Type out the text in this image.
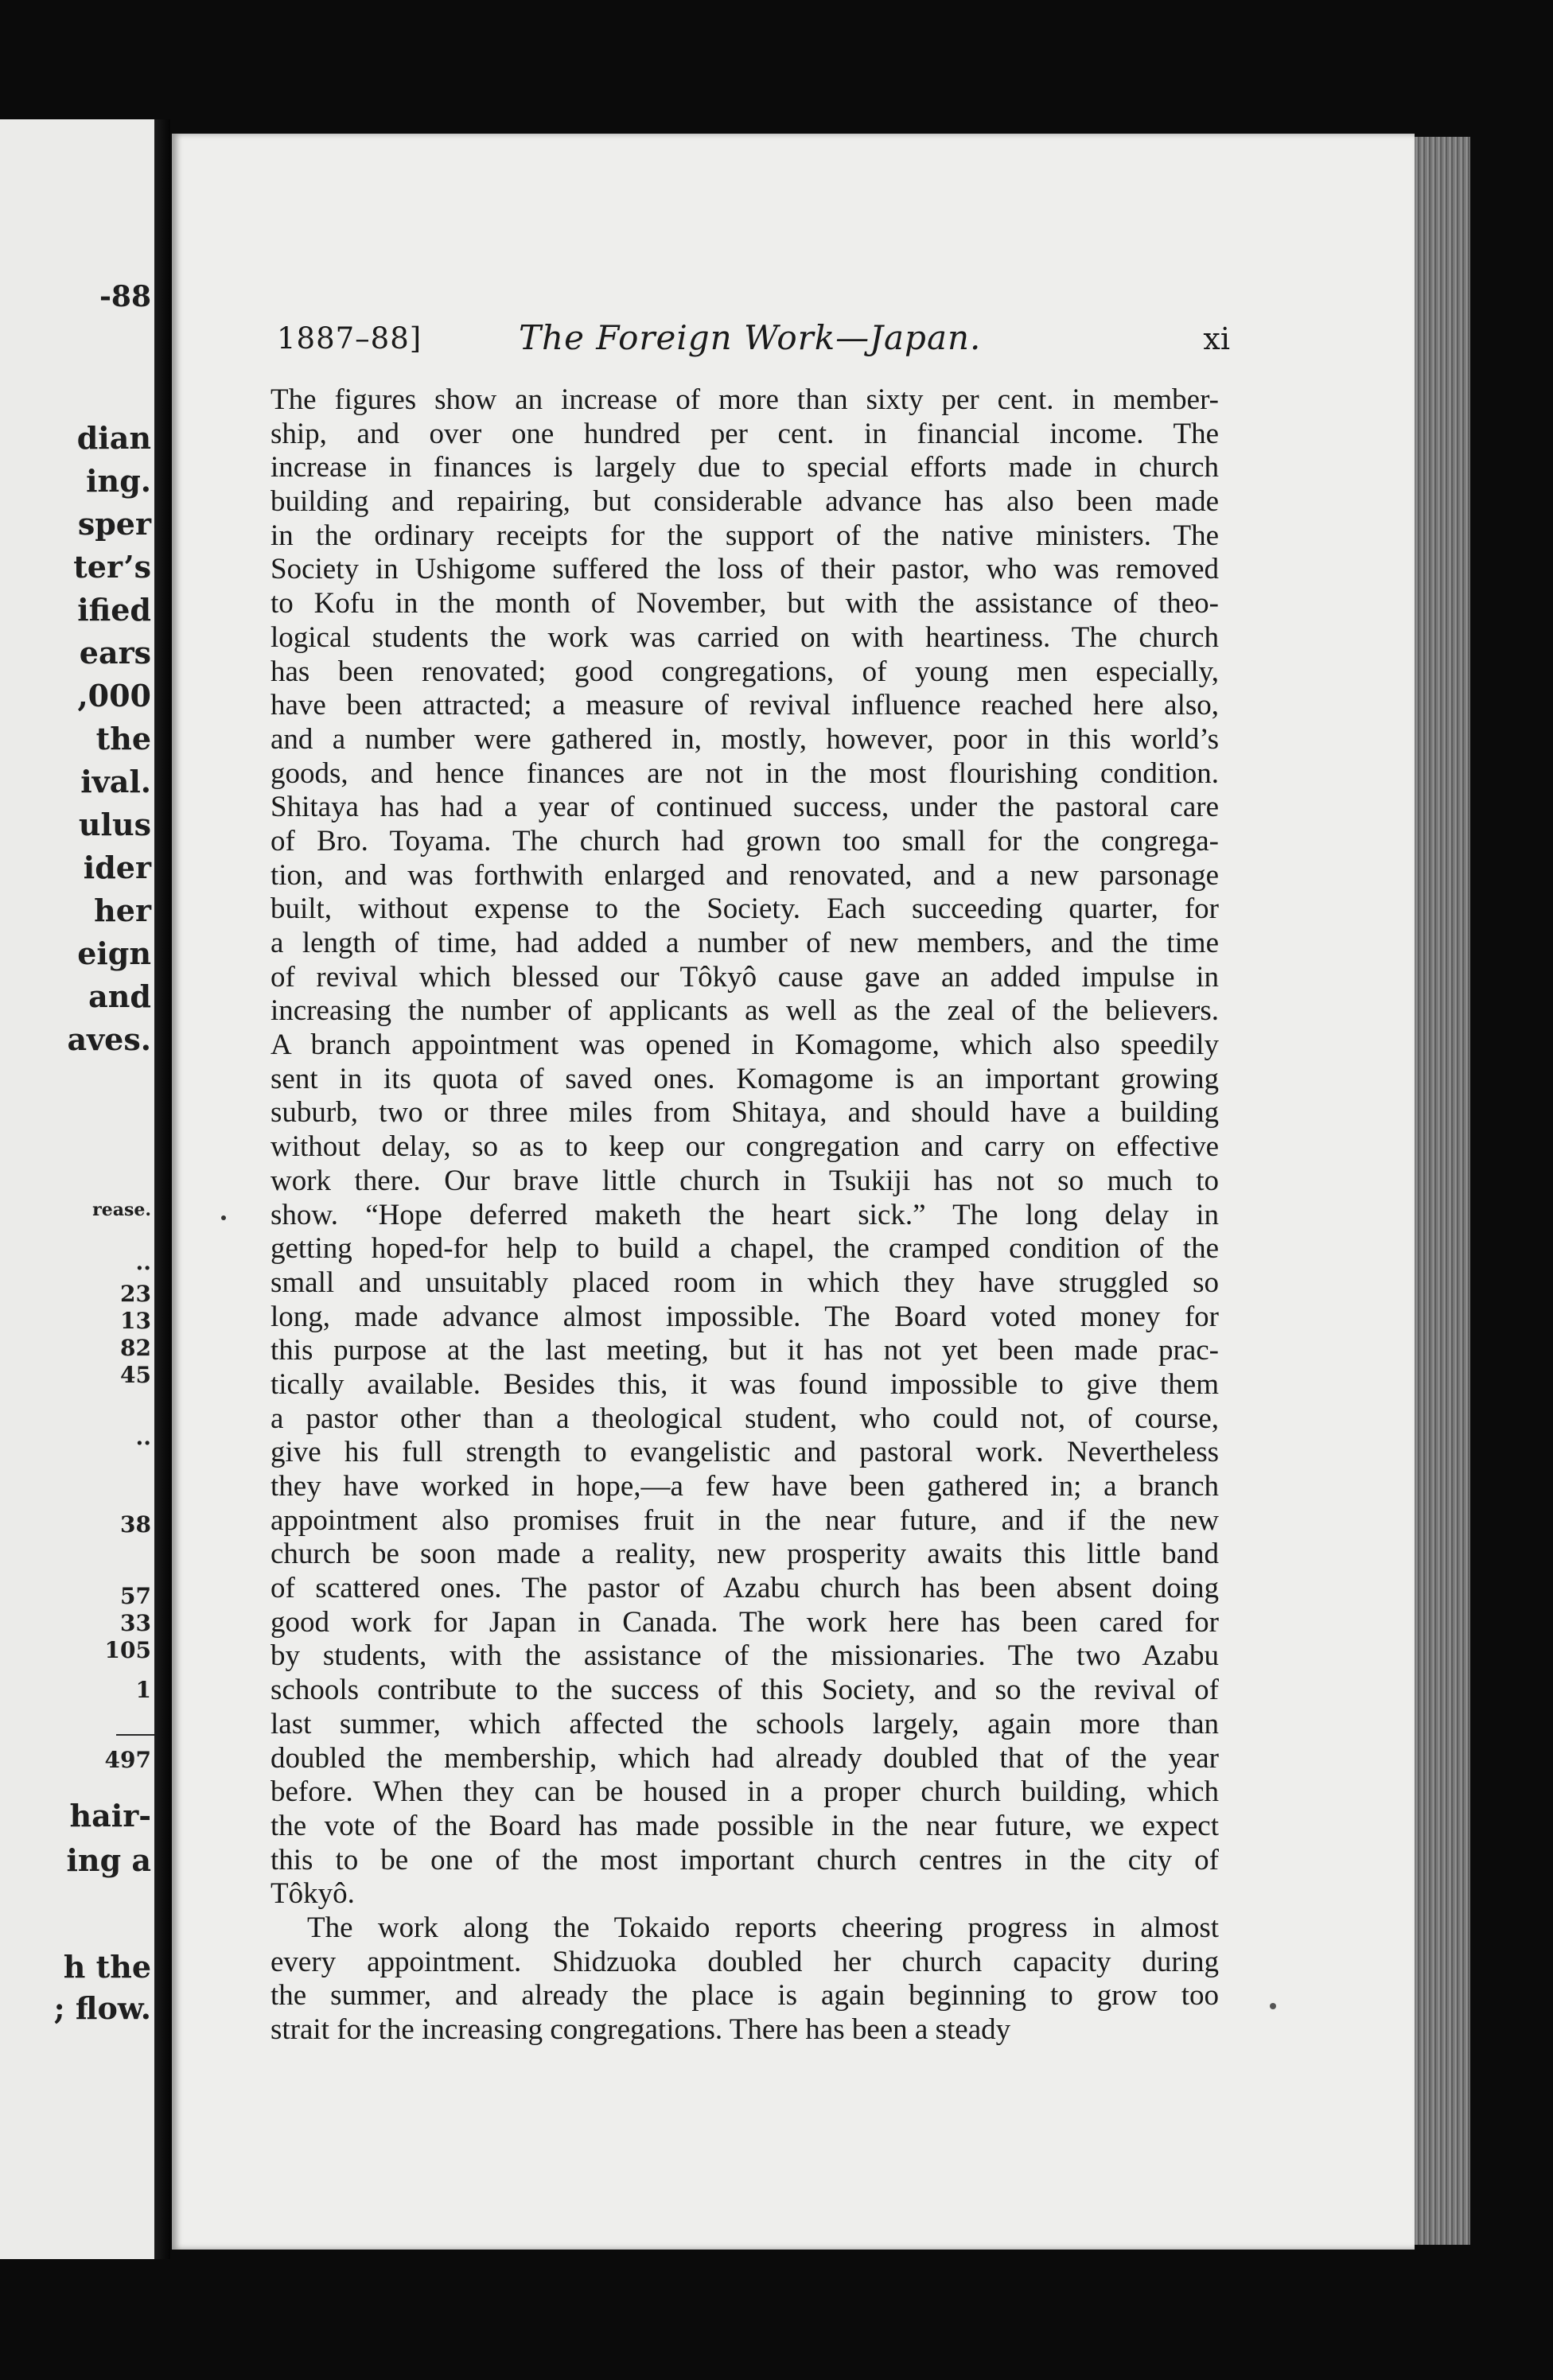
-88
dian
ing.
sper
ter’s
ified
ears
,000
the
ival.
ulus
ider
her
eign
and
aves.
rease.
..
23
13
82
45
..
38
57
33
105
1
497
hair-
ing a
h the
; flow.
1887–88]	The Foreign Work—Japan.	xi
The figures show an increase of more than sixty per cent. in member-
ship, and over one hundred per cent. in financial income. The
increase in finances is largely due to special efforts made in church
building and repairing, but considerable advance has also been made
in the ordinary receipts for the support of the native ministers. The
Society in Ushigome suffered the loss of their pastor, who was removed
to Kofu in the month of November, but with the assistance of theo-
logical students the work was carried on with heartiness. The church
has been renovated; good congregations, of young men especially,
have been attracted; a measure of revival influence reached here also,
and a number were gathered in, mostly, however, poor in this world’s
goods, and hence finances are not in the most flourishing condition.
Shitaya has had a year of continued success, under the pastoral care
of Bro. Toyama. The church had grown too small for the congrega-
tion, and was forthwith enlarged and renovated, and a new parsonage
built, without expense to the Society. Each succeeding quarter, for
a length of time, had added a number of new members, and the time
of revival which blessed our Tôkyô cause gave an added impulse in
increasing the number of applicants as well as the zeal of the believers.
A branch appointment was opened in Komagome, which also speedily
sent in its quota of saved ones. Komagome is an important growing
suburb, two or three miles from Shitaya, and should have a building
without delay, so as to keep our congregation and carry on effective
work there. Our brave little church in Tsukiji has not so much to
show. “Hope deferred maketh the heart sick.” The long delay in
getting hoped-for help to build a chapel, the cramped condition of the
small and unsuitably placed room in which they have struggled so
long, made advance almost impossible. The Board voted money for
this purpose at the last meeting, but it has not yet been made prac-
tically available. Besides this, it was found impossible to give them
a pastor other than a theological student, who could not, of course,
give his full strength to evangelistic and pastoral work. Nevertheless
they have worked in hope,—a few have been gathered in; a branch
appointment also promises fruit in the near future, and if the new
church be soon made a reality, new prosperity awaits this little band
of scattered ones. The pastor of Azabu church has been absent doing
good work for Japan in Canada. The work here has been cared for
by students, with the assistance of the missionaries. The two Azabu
schools contribute to the success of this Society, and so the revival of
last summer, which affected the schools largely, again more than
doubled the membership, which had already doubled that of the year
before. When they can be housed in a proper church building, which
the vote of the Board has made possible in the near future, we expect
this to be one of the most important church centres in the city of
Tôkyô.
The work along the Tokaido reports cheering progress in almost
every appointment. Shidzuoka doubled her church capacity during
the summer, and already the place is again beginning to grow too
strait for the increasing congregations. There has been a steady
